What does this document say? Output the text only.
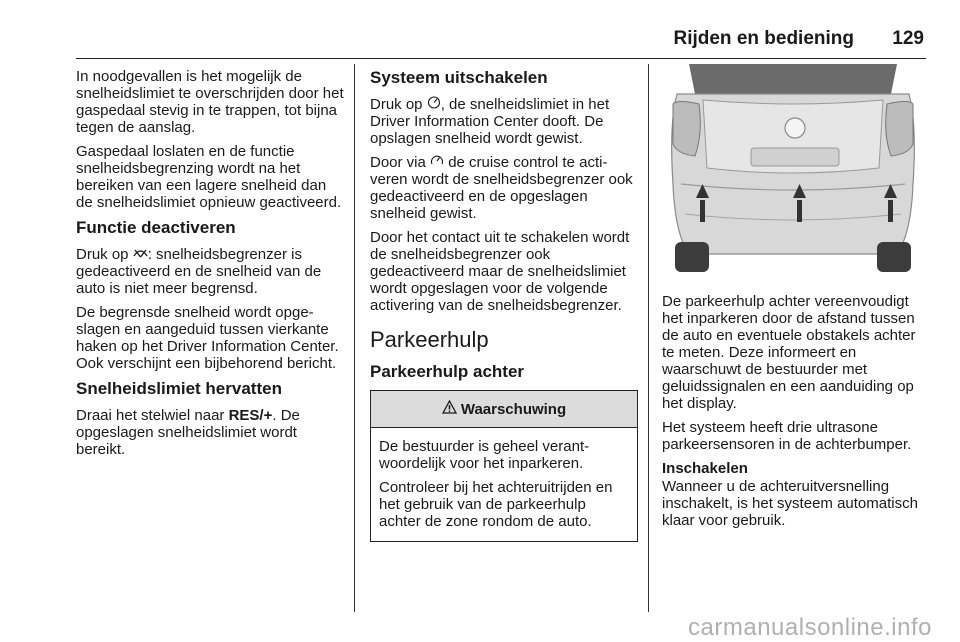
Rijden en bediening 129

In noodgevallen is het mogelijk de snelheidslimiet te overschrijden door het gaspedaal stevig in te trappen, tot bijna tegen de aanslag.

Gaspedaal loslaten en de functie snelheidsbegrenzing wordt na het bereiken van een lagere snelheid dan de snelheidslimiet opnieuw geactiveerd.

Functie deactiveren

Druk op : snelheidsbegrenzer is gedeactiveerd en de snelheid van de auto is niet meer begrensd.

De begrensde snelheid wordt opgeslagen en aangeduid tussen vierkante haken op het Driver Information Center. Ook verschijnt een bijbehorend bericht.

Snelheidslimiet hervatten

Draai het stelwiel naar RES/+. De opgeslagen snelheidslimiet wordt bereikt.

Systeem uitschakelen

Druk op , de snelheidslimiet in het Driver Information Center dooft. De opslagen snelheid wordt gewist.

Door via  de cruise control te activeren wordt de snelheidsbegrenzer ook gedeactiveerd en de opgeslagen snelheid gewist.

Door het contact uit te schakelen wordt de snelheidsbegrenzer ook gedeactiveerd maar de snelheidslimiet wordt opgeslagen voor de volgende activering van de snelheidsbegrenzer.

Parkeerhulp
Parkeerhulp achter
Waarschuwing

De bestuurder is geheel verantwoordelijk voor het inparkeren.

Controleer bij het achteruitrijden en het gebruik van de parkeerhulp achter de zone rondom de auto.

De parkeerhulp achter vereenvoudigt het inparkeren door de afstand tussen de auto en eventuele obstakels achter te meten. Deze informeert en waarschuwt de bestuurder met geluidssignalen en een aanduiding op het display.

Het systeem heeft drie ultrasone parkeersensoren in de achterbumper.

Inschakelen

Wanneer u de achteruitversnelling inschakelt, is het systeem automatisch klaar voor gebruik.

carmanualsonline.info
